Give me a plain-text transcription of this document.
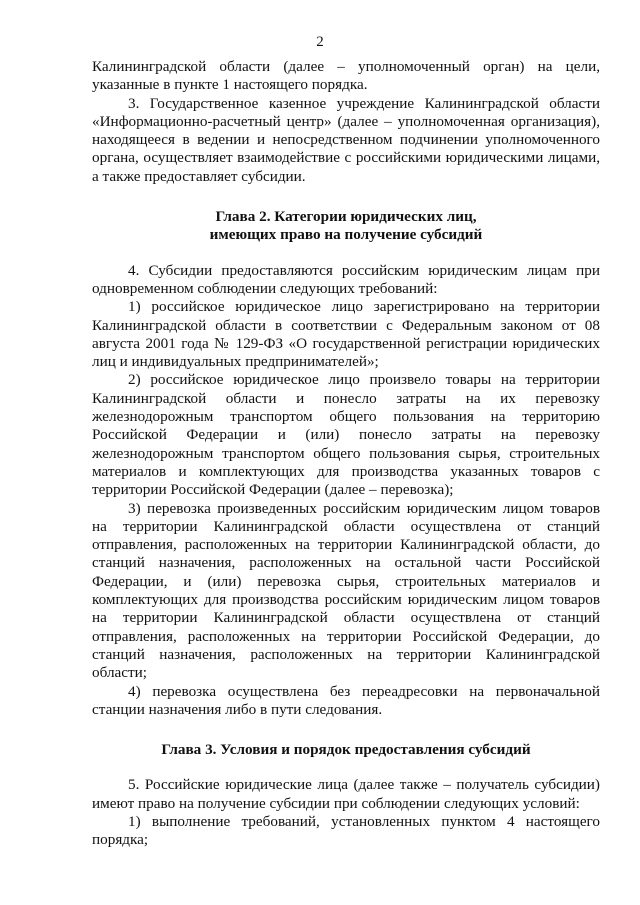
2

Калининградской области (далее – уполномоченный орган) на цели, указанные в пункте 1 настоящего порядка.

3. Государственное казенное учреждение Калининградской области «Информационно-расчетный центр» (далее – уполномоченная организация), находящееся в ведении и непосредственном подчинении уполномоченного органа, осуществляет взаимодействие с российскими юридическими лицами, а также предоставляет субсидии.

Глава 2. Категории юридических лиц,

имеющих право на получение субсидий

4. Субсидии предоставляются российским юридическим лицам при одновременном соблюдении следующих требований:

1) российское юридическое лицо зарегистрировано на территории Калининградской области в соответствии с Федеральным законом от 08 августа 2001 года № 129-ФЗ «О государственной регистрации юридических лиц и индивидуальных предпринимателей»;

2) российское юридическое лицо произвело товары на территории Калининградской области и понесло затраты на их перевозку железнодорожным транспортом общего пользования на территорию Российской Федерации и (или) понесло затраты на перевозку железнодорожным транспортом общего пользования сырья, строительных материалов и комплектующих для производства указанных товаров с территории Российской Федерации (далее – перевозка);

3) перевозка произведенных российским юридическим лицом товаров на территории Калининградской области осуществлена от станций отправления, расположенных на территории Калининградской области, до станций назначения, расположенных на остальной части Российской Федерации, и (или) перевозка сырья, строительных материалов и комплектующих для производства российским юридическим лицом товаров на территории Калининградской области осуществлена от станций отправления, расположенных на территории Российской Федерации, до станций назначения, расположенных на территории Калининградской области;

4) перевозка осуществлена без переадресовки на первоначальной станции назначения либо в пути следования.

Глава 3. Условия и порядок предоставления субсидий

5. Российские юридические лица (далее также – получатель субсидии) имеют право на получение субсидии при соблюдении следующих условий:

1) выполнение требований, установленных пунктом 4 настоящего порядка;
